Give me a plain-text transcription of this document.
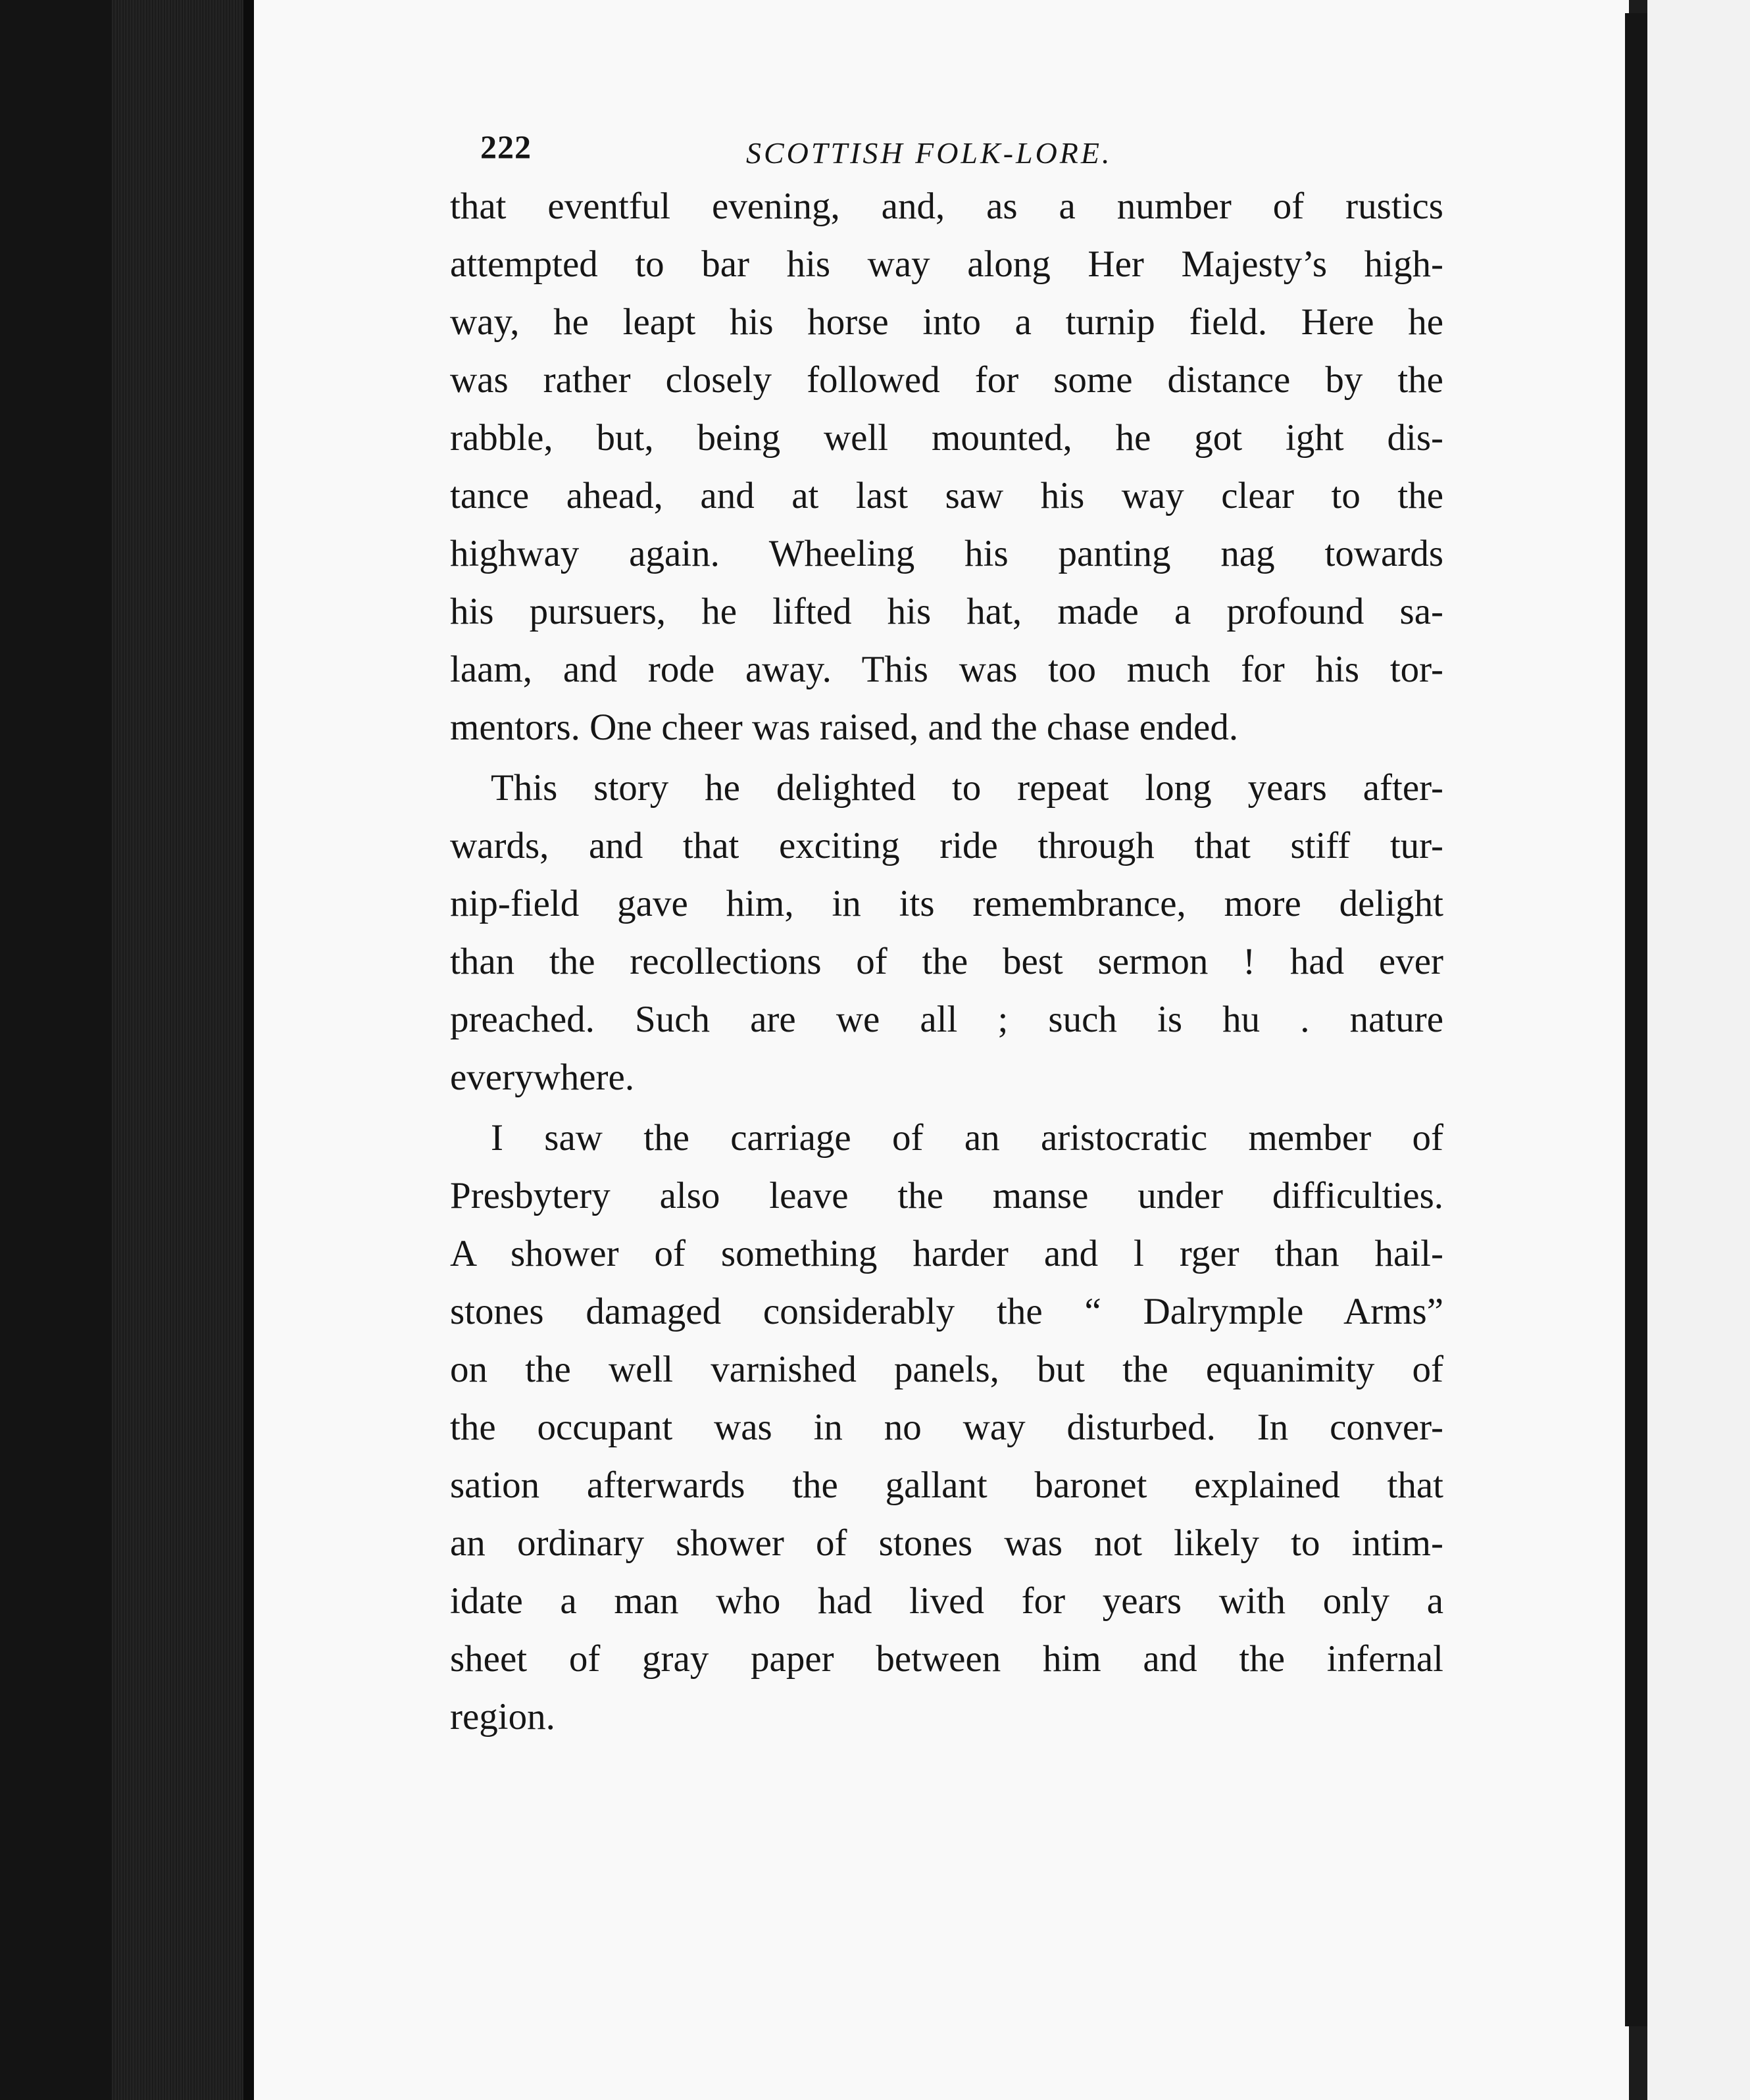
222	SCOTTISH FOLK-LORE.
that eventful evening, and, as a number of rustics
attempted to bar his way along Her Majesty’s high-
way, he leapt his horse into a turnip field. Here he
was rather closely followed for some distance by the
rabble, but, being well mounted, he got ight dis-
tance ahead, and at last saw his way clear to the
highway again. Wheeling his panting nag towards
his pursuers, he lifted his hat, made a profound sa-
laam, and rode away. This was too much for his tor-
mentors. One cheer was raised, and the chase ended.
This story he delighted to repeat long years after-
wards, and that exciting ride through that stiff tur-
nip-field gave him, in its remembrance, more delight
than the recollections of the best sermon ! had ever
preached. Such are we all ; such is hu . nature
everywhere.
I saw the carriage of an aristocratic member of
Presbytery also leave the manse under difficulties.
A shower of something harder and l rger than hail-
stones damaged considerably the “ Dalrymple Arms”
on the well varnished panels, but the equanimity of
the occupant was in no way disturbed. In conver-
sation afterwards the gallant baronet explained that
an ordinary shower of stones was not likely to intim-
idate a man who had lived for years with only a
sheet of gray paper between him and the infernal
region.
